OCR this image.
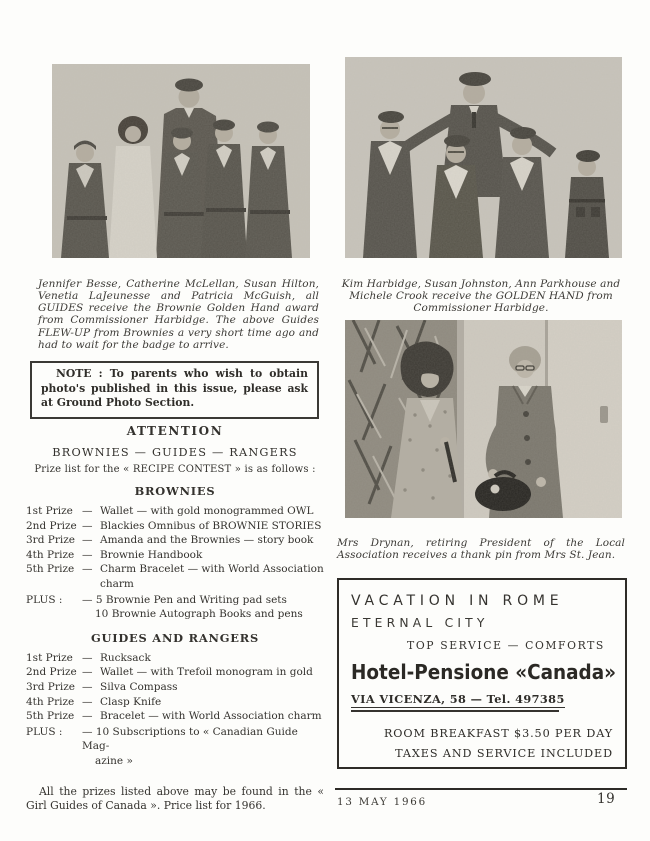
Jennifer Besse, Catherine McLellan, Susan Hilton, Venetia LaJeunesse and Patricia McGuish, all GUIDES receive the Brownie Golden Hand award from Commissioner Harbidge. The above Guides FLEW-UP from Brownies a very short time ago and had to wait for the badge to arrive.

Kim Harbidge, Susan Johnston, Ann Parkhouse and Michele Crook receive the GOLDEN HAND from Commissioner Harbidge.

Mrs Drynan, retiring President of the Local Association receives a thank pin from Mrs St. Jean.

NOTE : To parents who wish to obtain photo's published in this issue, please ask at Ground Photo Section.

ATTENTION

BROWNIES — GUIDES — RANGERS
Prize list for the « RECIPE CONTEST » is as follows :
BROWNIES
1st Prize — Wallet — with gold monogrammed OWL
2nd Prize — Blackies Omnibus of BROWNIE STORIES
3rd Prize — Amanda and the Brownies — story book
4th Prize — Brownie Handbook
5th Prize — Charm Bracelet — with World Association charm
PLUS :	— 5 Brownie Pen and Writing pad sets
10 Brownie Autograph Books and pens
GUIDES AND RANGERS
1st Prize — Rucksack
2nd Prize — Wallet — with Trefoil monogram in gold
3rd Prize — Silva Compass
4th Prize — Clasp Knife
5th Prize — Bracelet — with World Association charm
PLUS :	— 10 Subscriptions to « Canadian Guide Mag-
azine »

All the prizes listed above may be found in the « Girl Guides of Canada ». Price list for 1966.

VACATION IN ROME
ETERNAL CITY
TOP SERVICE — COMFORTS
Hotel-Pensione «Canada»
VIA VICENZA, 58 — Tel. 497385
ROOM BREAKFAST $3.50 PER DAY
TAXES AND SERVICE INCLUDED
13 MAY 1966	19
